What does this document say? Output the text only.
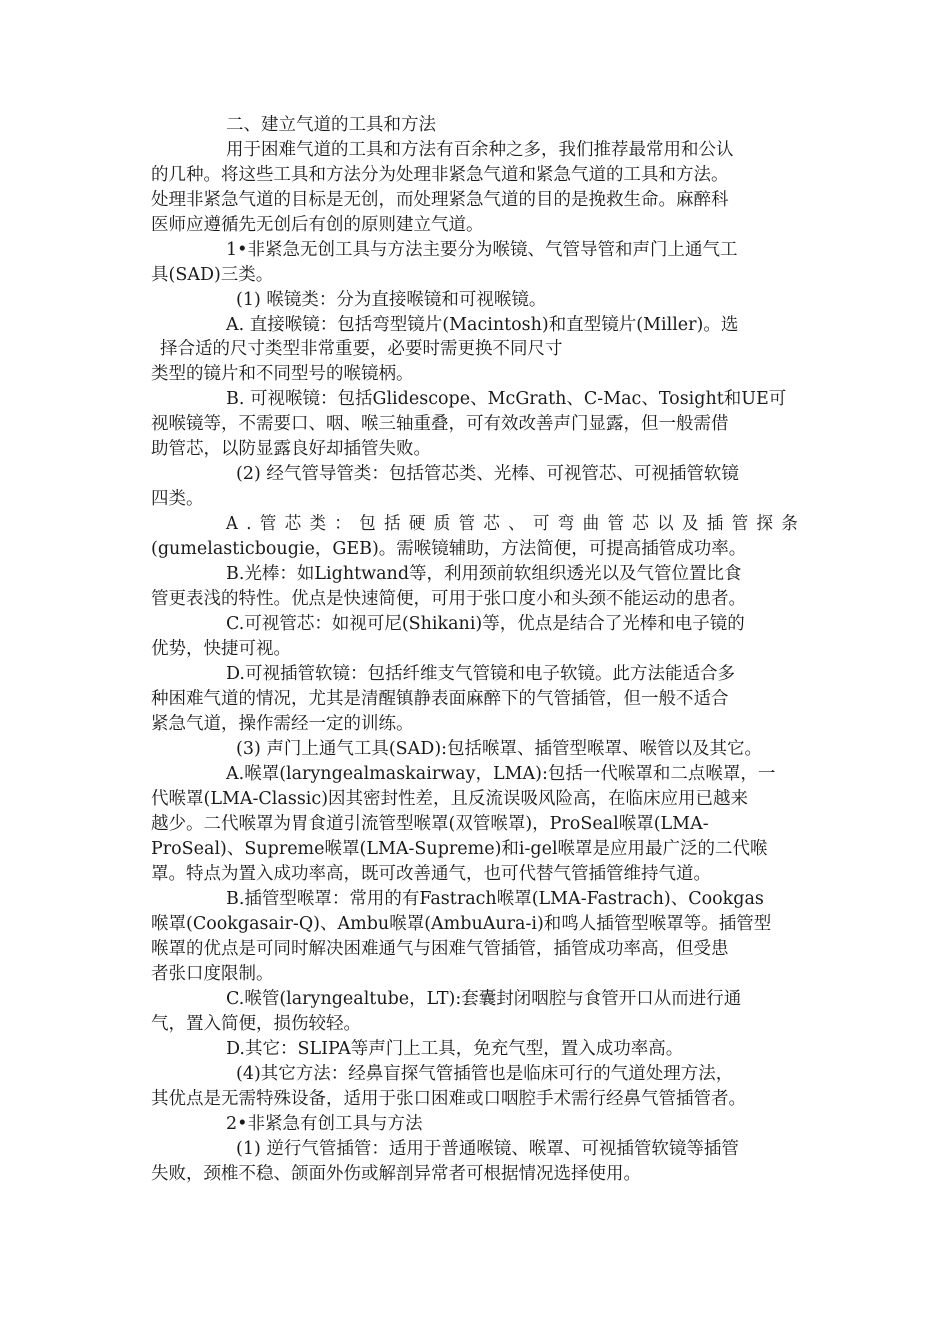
二、建立气道的工具和方法
用于困难气道的工具和方法有百余种之多，我们推荐最常用和公认
的几种。将这些工具和方法分为处理非紧急气道和紧急气道的工具和方法。
处理非紧急气道的目标是无创，而处理紧急气道的目的是挽救生命。麻醉科
医师应遵循先无创后有创的原则建立气道。
1•非紧急无创工具与方法主要分为喉镜、气管导管和声门上通气工
具(SAD)三类。
(1) 喉镜类：分为直接喉镜和可视喉镜。
A. 直接喉镜：包括弯型镜片(Macintosh)和直型镜片(Miller)。选
择合适的尺寸类型非常重要，必要时需更换不同尺寸
类型的镜片和不同型号的喉镜柄。
B. 可视喉镜：包括Glidescope、McGrath、C-Mac、Tosight和UE可
视喉镜等，不需要口、咽、喉三轴重叠，可有效改善声门显露，但一般需借
助管芯，以防显露良好却插管失败。
(2) 经气管导管类：包括管芯类、光棒、可视管芯、可视插管软镜
四类。
A.管芯类：包括硬质管芯、可弯曲管芯以及插管探条
(gumelasticbougie，GEB)。需喉镜辅助，方法简便，可提高插管成功率。
B.光棒：如Lightwand等，利用颈前软组织透光以及气管位置比食
管更表浅的特性。优点是快速简便，可用于张口度小和头颈不能运动的患者。
C.可视管芯：如视可尼(Shikani)等，优点是结合了光棒和电子镜的
优势，快捷可视。
D.可视插管软镜：包括纤维支气管镜和电子软镜。此方法能适合多
种困难气道的情况，尤其是清醒镇静表面麻醉下的气管插管，但一般不适合
紧急气道，操作需经一定的训练。
(3) 声门上通气工具(SAD):包括喉罩、插管型喉罩、喉管以及其它。
A.喉罩(laryngealmaskairway，LMA):包括一代喉罩和二点喉罩，一
代喉罩(LMA-Classic)因其密封性差，且反流误吸风险高，在临床应用已越来
越少。二代喉罩为胃食道引流管型喉罩(双管喉罩)，ProSeal喉罩(LMA-
ProSeal)、Supreme喉罩(LMA-Supreme)和i-gel喉罩是应用最广泛的二代喉
罩。特点为置入成功率高，既可改善通气，也可代替气管插管维持气道。
B.插管型喉罩：常用的有Fastrach喉罩(LMA-Fastrach)、Cookgas
喉罩(Cookgasair-Q)、Ambu喉罩(AmbuAura-i)和鸣人插管型喉罩等。插管型
喉罩的优点是可同时解决困难通气与困难气管插管，插管成功率高，但受患
者张口度限制。
C.喉管(laryngealtube，LT):套囊封闭咽腔与食管开口从而进行通
气，置入简便，损伤较轻。
D.其它：SLIPA等声门上工具，免充气型，置入成功率高。
(4)其它方法：经鼻盲探气管插管也是临床可行的气道处理方法，
其优点是无需特殊设备，适用于张口困难或口咽腔手术需行经鼻气管插管者。
2•非紧急有创工具与方法
(1) 逆行气管插管：适用于普通喉镜、喉罩、可视插管软镜等插管
失败，颈椎不稳、颌面外伤或解剖异常者可根据情况选择使用。
